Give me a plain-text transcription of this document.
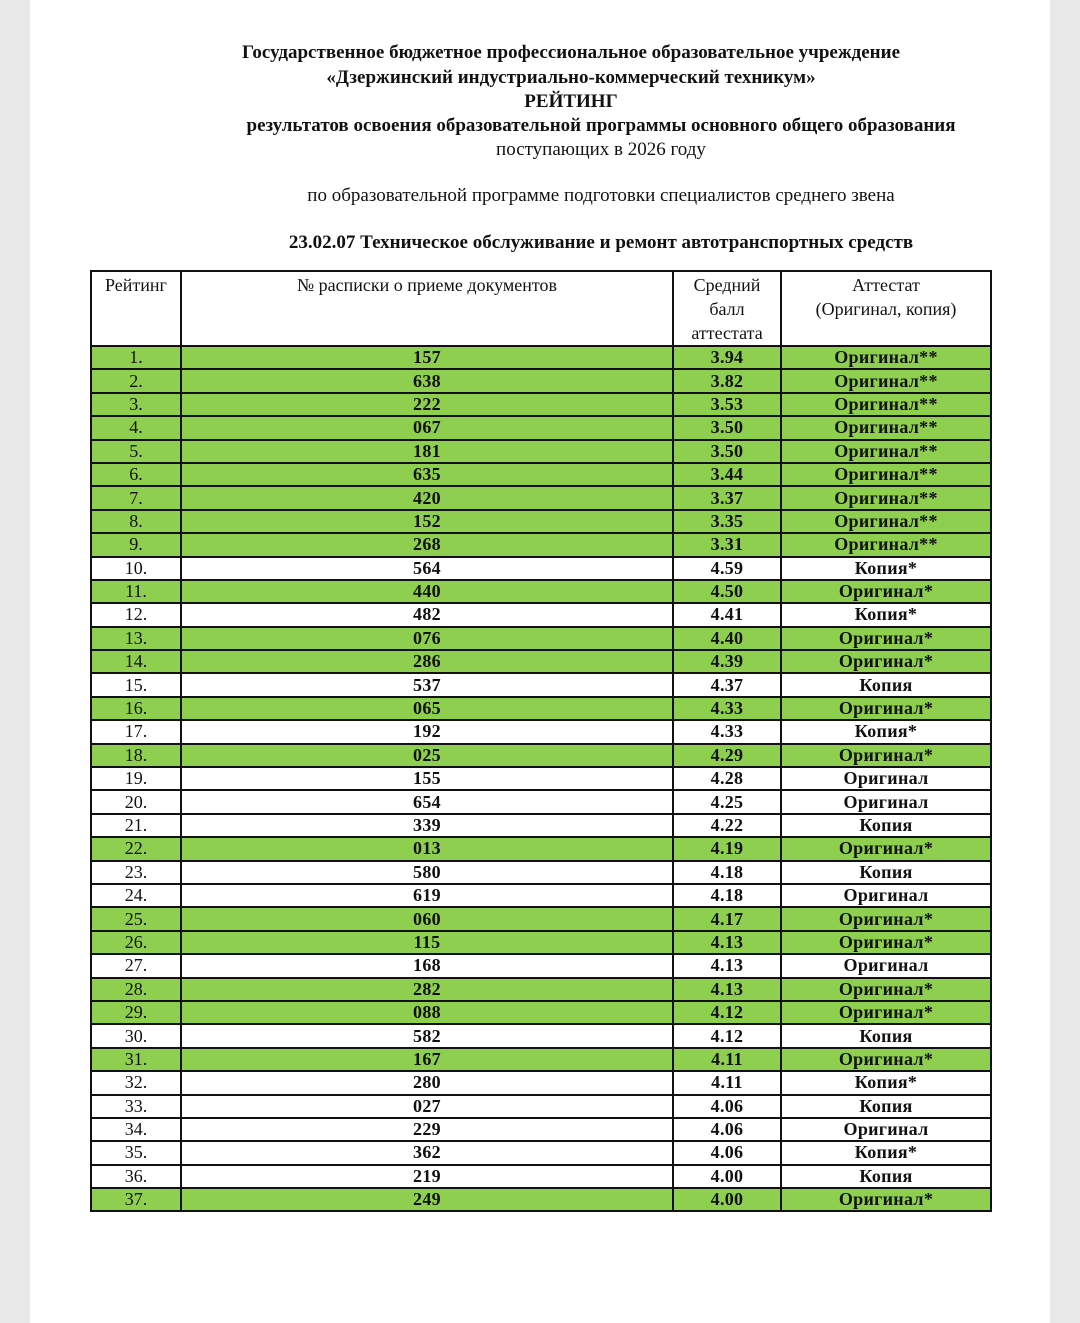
Государственное бюджетное профессиональное образовательное учреждение
«Дзержинский индустриально-коммерческий техникум»
РЕЙТИНГ
результатов освоения образовательной программы основного общего образования
поступающих в 2026 году
по образовательной программе подготовки специалистов среднего звена
23.02.07 Техническое обслуживание и ремонт автотранспортных средств
Рейтинг	№ расписки о приеме документов	Средний балл аттестата	Аттестат (Оригинал, копия)
1.	157	3.94	Оригинал**
2.	638	3.82	Оригинал**
3.	222	3.53	Оригинал**
4.	067	3.50	Оригинал**
5.	181	3.50	Оригинал**
6.	635	3.44	Оригинал**
7.	420	3.37	Оригинал**
8.	152	3.35	Оригинал**
9.	268	3.31	Оригинал**
10.	564	4.59	Копия*
11.	440	4.50	Оригинал*
12.	482	4.41	Копия*
13.	076	4.40	Оригинал*
14.	286	4.39	Оригинал*
15.	537	4.37	Копия
16.	065	4.33	Оригинал*
17.	192	4.33	Копия*
18.	025	4.29	Оригинал*
19.	155	4.28	Оригинал
20.	654	4.25	Оригинал
21.	339	4.22	Копия
22.	013	4.19	Оригинал*
23.	580	4.18	Копия
24.	619	4.18	Оригинал
25.	060	4.17	Оригинал*
26.	115	4.13	Оригинал*
27.	168	4.13	Оригинал
28.	282	4.13	Оригинал*
29.	088	4.12	Оригинал*
30.	582	4.12	Копия
31.	167	4.11	Оригинал*
32.	280	4.11	Копия*
33.	027	4.06	Копия
34.	229	4.06	Оригинал
35.	362	4.06	Копия*
36.	219	4.00	Копия
37.	249	4.00	Оригинал*
